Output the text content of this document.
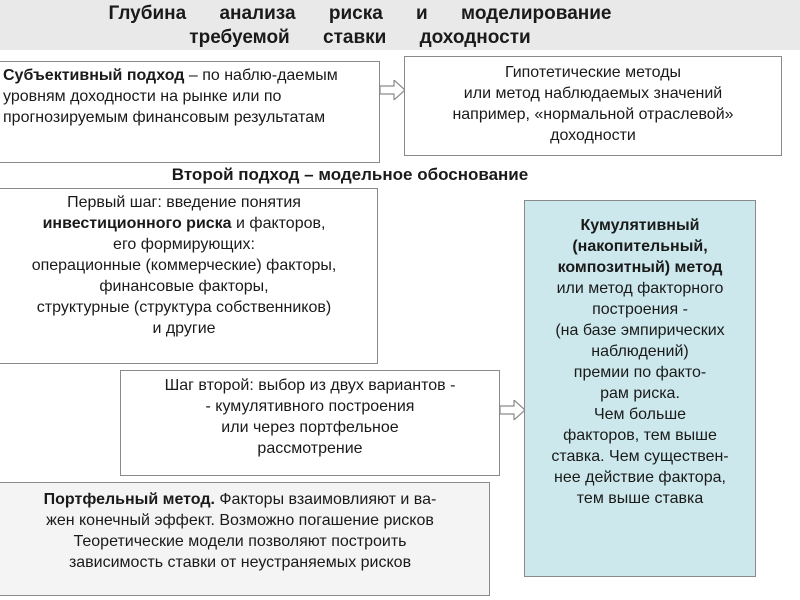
Глубина анализа риска и моделирование
требуемой ставки доходности
Субъективный подход – по наблю-даемым уровням доходности на рынке или по прогнозируемым финансовым результатам
Гипотетические методы
или метод наблюдаемых значений
например, «нормальной отраслевой»
доходности
Второй подход – модельное обоснование
Первый шаг: введение понятия
инвестиционного риска и факторов,
его формирующих:
операционные (коммерческие) факторы,
финансовые факторы,
структурные (структура собственников)
и другие
Шаг второй: выбор из двух вариантов -
- кумулятивного построения
или через портфельное
рассмотрение
Кумулятивный
(накопительный,
композитный) метод
или метод факторного
построения -
(на базе эмпирических
наблюдений)
премии по факто-
рам риска.
Чем больше
факторов, тем выше
ставка. Чем существен-
нее действие фактора,
тем выше ставка
Портфельный метод. Факторы взаимовлияют и ва-
жен конечный эффект. Возможно погашение рисков
Теоретические модели позволяют построить
зависимость ставки от неустраняемых рисков
